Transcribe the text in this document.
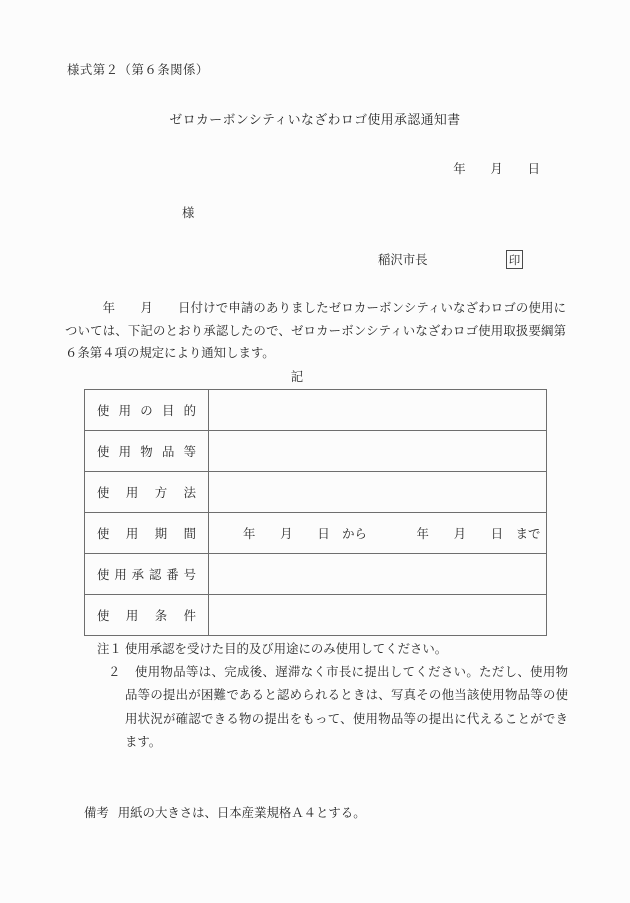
様式第２（第６条関係）
ゼロカーボンシティいなざわロゴ使用承認通知書
年　　月　　日
様
稲沢市長	印

　　　年　　月　　日付けで申請のありましたゼロカーボンシティいなざわロゴの使用については、下記のとおり承認したので、ゼロカーボンシティいなざわロゴ使用取扱要綱第６条第４項の規定により通知します。

記
使 用 の 目 的	
使 用 物 品 等	
使 用 方 法	
使 用 期 間	年　　月　　日　から　　　　年　　月　　日　まで
使 用 承 認 番 号	
使 用 条 件	
注１ 使用承認を受けた目的及び用途にのみ使用してください。
２	使用物品等は、完成後、遅滞なく市長に提出してください。ただし、使用物品等の提出が困難であると認められるときは、写真その他当該使用物品等の使用状況が確認できる物の提出をもって、使用物品等の提出に代えることができます。
備考 用紙の大きさは、日本産業規格Ａ４とする。
